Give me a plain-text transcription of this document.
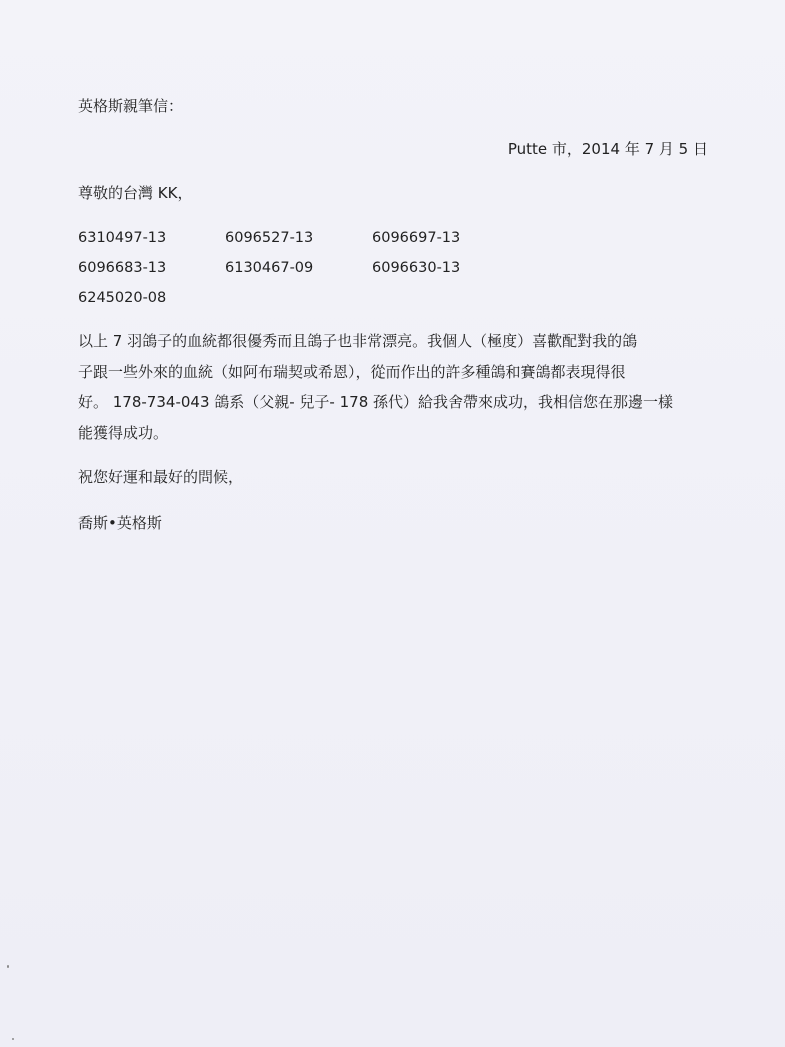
英格斯親筆信：
Putte 市，2014 年 7 月 5 日
尊敬的台灣 KK，
6310497-13	6096527-13	6096697-13
6096683-13	6130467-09	6096630-13
6245020-08
以上 7 羽鴿子的血統都很優秀而且鴿子也非常漂亮。我個人（極度）喜歡配對我的鴿
子跟一些外來的血統（如阿布瑞契或希恩），從而作出的許多種鴿和賽鴿都表現得很
好。 178-734-043 鴿系（父親- 兒子- 178 孫代）給我舍帶來成功，我相信您在那邊一樣
能獲得成功。
祝您好運和最好的問候，
喬斯•英格斯
